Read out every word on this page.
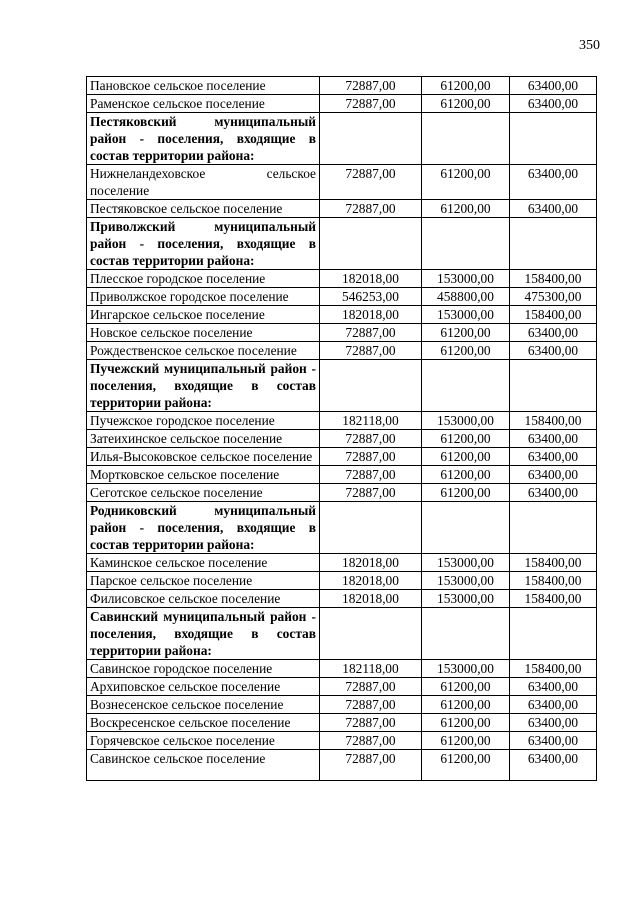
350
Пановское сельское поселение	72887,00	61200,00	63400,00
Раменское сельское поселение	72887,00	61200,00	63400,00
Пестяковский муниципальный район - поселения, входящие в состав территории района:			
Нижнеландеховское сельское поселение	72887,00	61200,00	63400,00
Пестяковское сельское поселение	72887,00	61200,00	63400,00
Приволжский муниципальный район - поселения, входящие в состав территории района:			
Плесское городское поселение	182018,00	153000,00	158400,00
Приволжское городское поселение	546253,00	458800,00	475300,00
Ингарское сельское поселение	182018,00	153000,00	158400,00
Новское сельское поселение	72887,00	61200,00	63400,00
Рождественское сельское поселение	72887,00	61200,00	63400,00
Пучежский муниципальный район - поселения, входящие в состав территории района:			
Пучежское городское поселение	182118,00	153000,00	158400,00
Затеихинское сельское поселение	72887,00	61200,00	63400,00
Илья-Высоковское сельское поселение	72887,00	61200,00	63400,00
Мортковское сельское поселение	72887,00	61200,00	63400,00
Сеготское сельское поселение	72887,00	61200,00	63400,00
Родниковский муниципальный район - поселения, входящие в состав территории района:			
Каминское сельское поселение	182018,00	153000,00	158400,00
Парское сельское поселение	182018,00	153000,00	158400,00
Филисовское сельское поселение	182018,00	153000,00	158400,00
Савинский муниципальный район - поселения, входящие в состав территории района:			
Савинское городское поселение	182118,00	153000,00	158400,00
Архиповское сельское поселение	72887,00	61200,00	63400,00
Вознесенское сельское поселение	72887,00	61200,00	63400,00
Воскресенское сельское поселение	72887,00	61200,00	63400,00
Горячевское сельское поселение	72887,00	61200,00	63400,00
Савинское сельское поселение	72887,00	61200,00	63400,00
